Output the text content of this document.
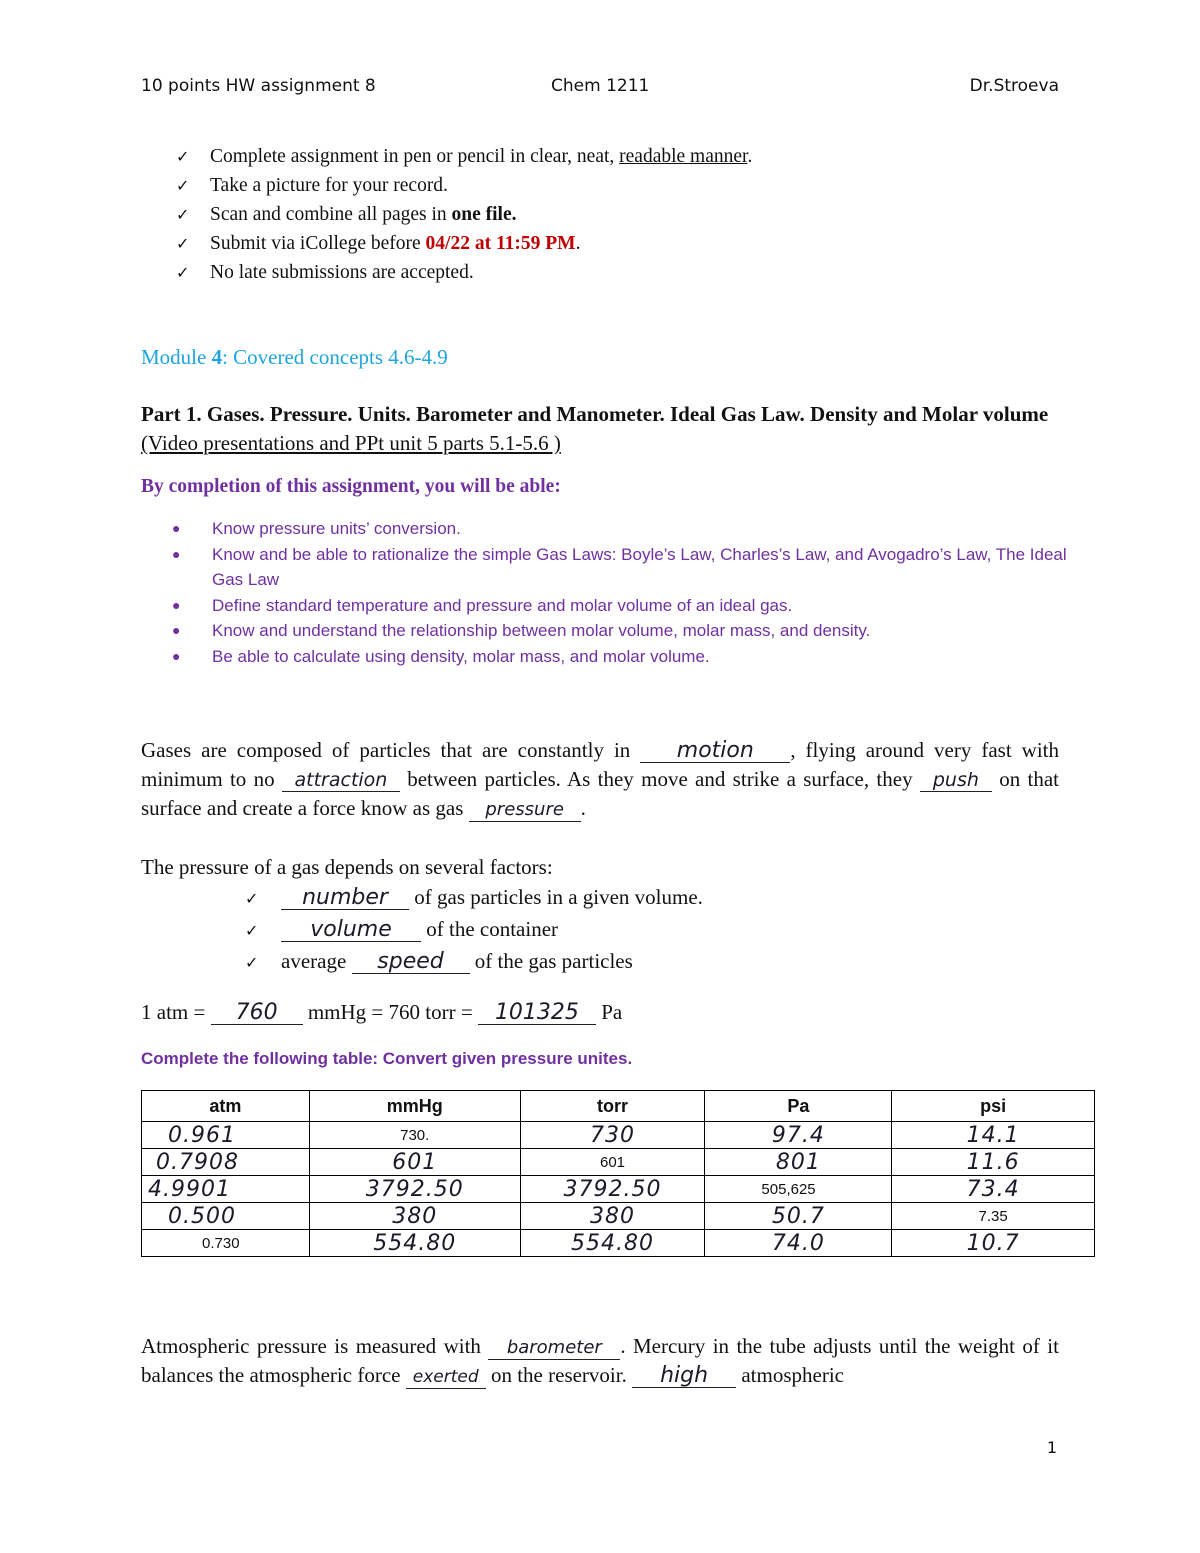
10 points HW assignment 8	Chem 1211	Dr.Stroeva
✓	Complete assignment in pen or pencil in clear, neat, readable manner.
✓	Take a picture for your record.
✓	Scan and combine all pages in one file.
✓	Submit via iCollege before 04/22 at 11:59 PM.
✓	No late submissions are accepted.
Module 4: Covered concepts 4.6-4.9
Part 1. Gases. Pressure. Units. Barometer and Manometer. Ideal Gas Law. Density and Molar volume (Video presentations and PPt unit 5 parts 5.1-5.6 )
By completion of this assignment, you will be able:
●	Know pressure units’ conversion.
●	Know and be able to rationalize the simple Gas Laws: Boyle’s Law, Charles’s Law, and Avogadro’s Law, The Ideal Gas Law
●	Define standard temperature and pressure and molar volume of an ideal gas.
●	Know and understand the relationship between molar volume, molar mass, and density.
●	Be able to calculate using density, molar mass, and molar volume.
Gases are composed of particles that are constantly in motion , flying around very fast with minimum to no attraction between particles. As they move and strike a surface, they push on that surface and create a force know as gas pressure .
The pressure of a gas depends on several factors:
✓ number of gas particles in a given volume.
✓ volume of the container
✓ average speed of the gas particles
1 atm = 760 mmHg = 760 torr = 101325 Pa
Complete the following table: Convert given pressure unites.
atm	mmHg	torr	Pa	psi
0.961	730.	730	97.4	14.1
0.7908	601	601	801	11.6
4.9901	3792.50	3792.50	505,625	73.4
0.500	380	380	50.7	7.35
0.730	554.80	554.80	74.0	10.7
Atmospheric pressure is measured with barometer . Mercury in the tube adjusts until the weight of it balances the atmospheric force exerted on the reservoir. high atmospheric
1
